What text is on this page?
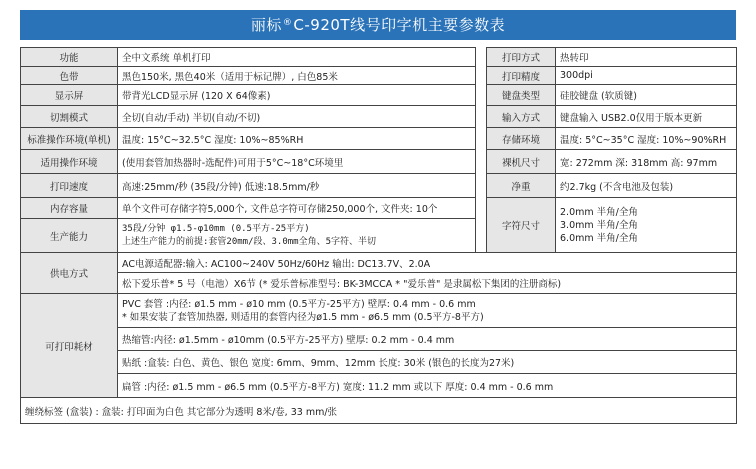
丽标®C-920T线号印字机主要参数表
功能	全中文系统 单机打印		打印方式	热转印
色带	黑色150米, 黑色40米（适用于标记牌）, 白色85米		打印精度	300dpi
显示屏	带背光LCD显示屏 (120 X 64像素)		键盘类型	硅胶键盘 (软质键)
切割模式	全切(自动/手动) 半切(自动/不切)		输入方式	键盘输入 USB2.0仅用于版本更新
标准操作环境(单机)	温度: 15°C~32.5°C 湿度: 10%~85%RH		存储环境	温度: 5°C~35°C 湿度: 10%~90%RH
适用操作环境	(使用套管加热器时-选配件)可用于5°C~18°C环境里		裸机尺寸	宽: 272mm 深: 318mm 高: 97mm
打印速度	高速:25mm/秒 (35段/分钟) 低速:18.5mm/秒		净重	约2.7kg (不含电池及包装)
内存容量	单个文件可存储字符5,000个, 文件总字符可存储250,000个, 文件夹: 10个		字符尺寸	2.0mm 半角/全角
3.0mm 半角/全角
6.0mm 半角/全角

生产能力	35段/分钟 φ1.5-φ10mm (0.5平方-25平方)
上述生产能力的前提:套管20mm/段、3.0mm全角、5字符、半切			

供电方式	AC电源适配器:输入: AC100~240V 50Hz/60Hz 输出: DC13.7V、2.0A			
	松下爱乐普* 5 号（电池）X6节 (* 爱乐普标准型号: BK-3MCCA * "爱乐普" 是隶属松下集团的注册商标)			
可打印耗材	PVC 套管 :内径: ø1.5 mm - ø10 mm (0.5平方-25平方) 壁厚: 0.4 mm - 0.6 mm
* 如果安装了套管加热器, 则适用的套管内径为ø1.5 mm - ø6.5 mm (0.5平方-8平方)			

	热缩管:内径: ø1.5mm - ø10mm (0.5平方-25平方) 壁厚: 0.2 mm - 0.4 mm			
	贴纸 :盒装: 白色、黄色、银色 宽度: 6mm、9mm、12mm 长度: 30米 (银色的长度为27米)			
	扁管 :内径: ø1.5 mm - ø6.5 mm (0.5平方-8平方) 宽度: 11.2 mm 或以下 厚度: 0.4 mm - 0.6 mm			
缠绕标签 (盒装) : 盒装: 打印面为白色 其它部分为透明 8米/卷, 33 mm/张				
